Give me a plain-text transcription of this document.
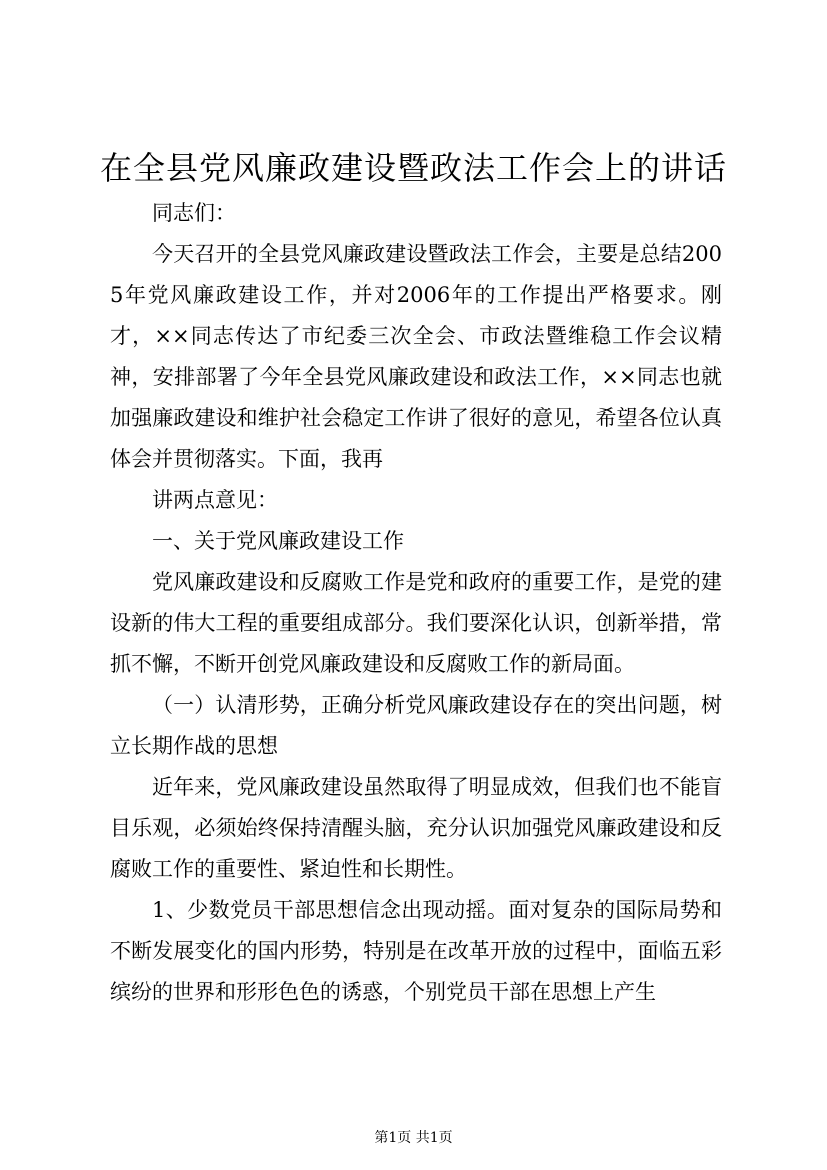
在全县党风廉政建设暨政法工作会上的讲话

同志们：

今天召开的全县党风廉政建设暨政法工作会，主要是总结2005年党风廉政建设工作，并对2006年的工作提出严格要求。刚才，××同志传达了市纪委三次全会、市政法暨维稳工作会议精神，安排部署了今年全县党风廉政建设和政法工作，××同志也就加强廉政建设和维护社会稳定工作讲了很好的意见，希望各位认真体会并贯彻落实。下面，我再

讲两点意见：

一、关于党风廉政建设工作

党风廉政建设和反腐败工作是党和政府的重要工作，是党的建设新的伟大工程的重要组成部分。我们要深化认识，创新举措，常抓不懈，不断开创党风廉政建设和反腐败工作的新局面。

（一）认清形势，正确分析党风廉政建设存在的突出问题，树立长期作战的思想

近年来，党风廉政建设虽然取得了明显成效，但我们也不能盲目乐观，必须始终保持清醒头脑，充分认识加强党风廉政建设和反腐败工作的重要性、紧迫性和长期性。

1、少数党员干部思想信念出现动摇。面对复杂的国际局势和不断发展变化的国内形势，特别是在改革开放的过程中，面临五彩缤纷的世界和形形色色的诱惑，个别党员干部在思想上产生

第1页 共1页
